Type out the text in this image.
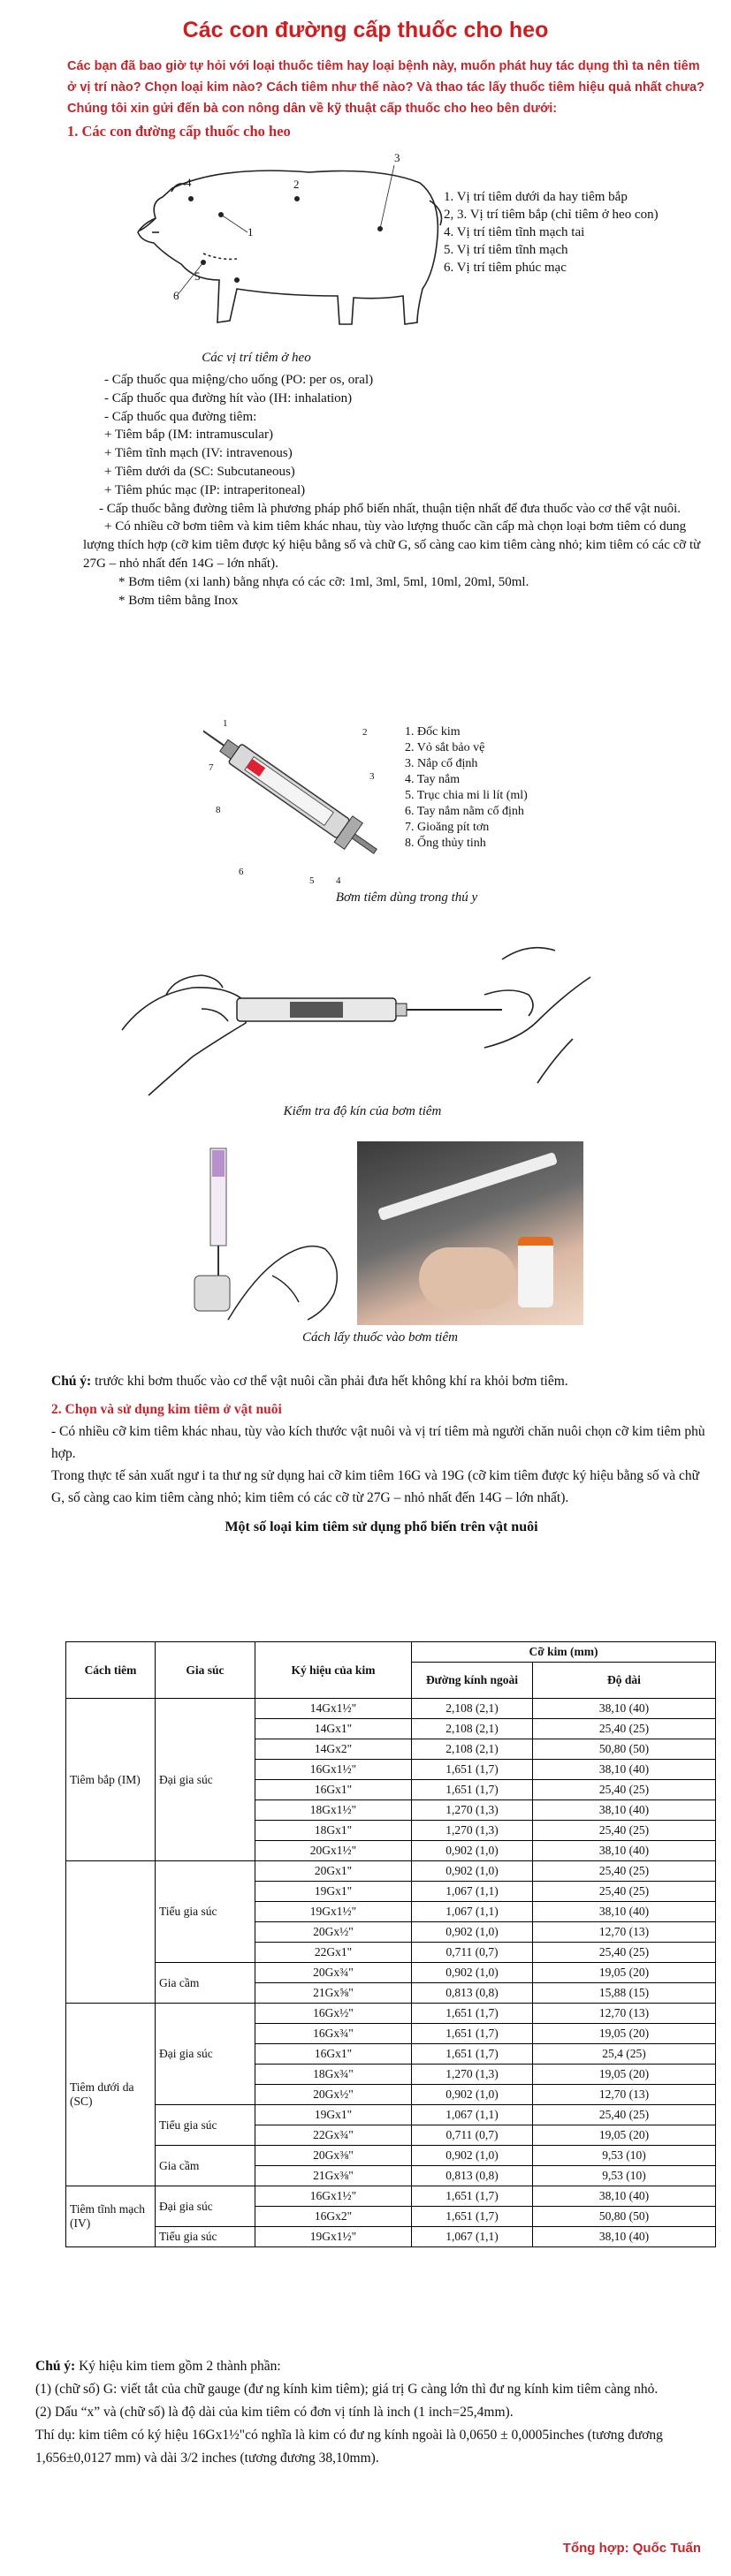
Các con đường cấp thuốc cho heo
Các bạn đã bao giờ tự hỏi với loại thuốc tiêm hay loại bệnh này, muốn phát huy tác dụng thì ta nên tiêm ở vị trí nào? Chọn loại kim nào? Cách tiêm như thế nào? Và thao tác lấy thuốc tiêm hiệu quả nhất chưa? Chúng tôi xin gửi đến bà con nông dân về kỹ thuật cấp thuốc cho heo bên dưới:
1. Các con đường cấp thuốc cho heo
1
2
3
4
5
6
1. Vị trí tiêm dưới da hay tiêm bắp
2, 3. Vị trí tiêm bắp (chỉ tiêm ở heo con)
4. Vị trí tiêm tĩnh mạch tai
5. Vị trí tiêm tĩnh mạch
6. Vị trí tiêm phúc mạc
Các vị trí tiêm ở heo

- Cấp thuốc qua miệng/cho uống (PO: per os, oral)

- Cấp thuốc qua đường hít vào (IH: inhalation)

- Cấp thuốc qua đường tiêm:

+ Tiêm bắp (IM: intramuscular)

+ Tiêm tĩnh mạch (IV: intravenous)

+ Tiêm dưới da (SC: Subcutaneous)

+ Tiêm phúc mạc (IP: intraperitoneal)

- Cấp thuốc bằng đường tiêm là phương pháp phổ biến nhất, thuận tiện nhất để đưa thuốc vào cơ thể vật nuôi.

+ Có nhiều cỡ bơm tiêm và kim tiêm khác nhau, tùy vào lượng thuốc cần cấp mà chọn loại bơm tiêm có dung lượng thích hợp (cỡ kim tiêm được ký hiệu bằng số và chữ G, số càng cao kim tiêm càng nhỏ; kim tiêm có các cỡ từ 27G – nhỏ nhất đến 14G – lớn nhất).

* Bơm tiêm (xi lanh) bằng nhựa có các cỡ: 1ml, 3ml, 5ml, 10ml, 20ml, 50ml.

* Bơm tiêm bằng Inox

1
2
3
4
5
6
7
8
1. Đốc kim
2. Vỏ sắt bảo vệ
3. Nắp cố định
4. Tay nắm
5. Trục chia mi li lít (ml)
6. Tay nắm nằm cố định
7. Gioăng pít tơn
8. Ống thủy tinh
Bơm tiêm dùng trong thú y
Kiểm tra độ kín của bơm tiêm
Cách lấy thuốc vào bơm tiêm

Chú ý: trước khi bơm thuốc vào cơ thể vật nuôi cần phải đưa hết không khí ra khỏi bơm tiêm.

2. Chọn và sử dụng kim tiêm ở vật nuôi

- Có nhiều cỡ kim tiêm khác nhau, tùy vào kích thước vật nuôi và vị trí tiêm mà người chăn nuôi chọn cỡ kim tiêm phù hợp.

Trong thực tế sản xuất ngư i ta thư ng sử dụng hai cỡ kim tiêm 16G và 19G (cỡ kim tiêm được ký hiệu bằng số và chữ G, số càng cao kim tiêm càng nhỏ; kim tiêm có các cỡ từ 27G – nhỏ nhất đến 14G – lớn nhất).

Một số loại kim tiêm sử dụng phổ biến trên vật nuôi

Cách tiêm	Gia súc	Ký hiệu của kim	Cỡ kim (mm)	
			Đường kính ngoài	Độ dài
Tiêm bắp (IM)	Đại gia súc	14Gx1½"	2,108 (2,1)	38,10 (40)
		14Gx1"	2,108 (2,1)	25,40 (25)
		14Gx2"	2,108 (2,1)	50,80 (50)
		16Gx1½"	1,651 (1,7)	38,10 (40)
		16Gx1"	1,651 (1,7)	25,40 (25)
		18Gx1½"	1,270 (1,3)	38,10 (40)
		18Gx1"	1,270 (1,3)	25,40 (25)
		20Gx1½"	0,902 (1,0)	38,10 (40)
	Tiểu gia súc	20Gx1"	0,902 (1,0)	25,40 (25)
		19Gx1"	1,067 (1,1)	25,40 (25)
		19Gx1½"	1,067 (1,1)	38,10 (40)
		20Gx½"	0,902 (1,0)	12,70 (13)
		22Gx1"	0,711 (0,7)	25,40 (25)
	Gia cầm	20Gx¾"	0,902 (1,0)	19,05 (20)
		21Gx⅝"	0,813 (0,8)	15,88 (15)
Tiêm dưới da (SC)	Đại gia súc	16Gx½"	1,651 (1,7)	12,70 (13)
		16Gx¾"	1,651 (1,7)	19,05 (20)
		16Gx1"	1,651 (1,7)	25,4 (25)
		18Gx¾"	1,270 (1,3)	19,05 (20)
		20Gx½"	0,902 (1,0)	12,70 (13)
	Tiểu gia súc	19Gx1"	1,067 (1,1)	25,40 (25)
		22Gx¾"	0,711 (0,7)	19,05 (20)
	Gia cầm	20Gx⅜"	0,902 (1,0)	9,53 (10)
		21Gx⅜"	0,813 (0,8)	9,53 (10)
Tiêm tĩnh mạch (IV)	Đại gia súc	16Gx1½"	1,651 (1,7)	38,10 (40)
		16Gx2"	1,651 (1,7)	50,80 (50)
	Tiểu gia súc	19Gx1½"	1,067 (1,1)	38,10 (40)

Chú ý: Ký hiệu kim tiem gồm 2 thành phần:

(1) (chữ số) G: viết tắt của chữ gauge (đư ng kính kim tiêm); giá trị G càng lớn thì đư ng kính kim tiêm càng nhỏ.

(2) Dấu “x” và (chữ số) là độ dài của kim tiêm có đơn vị tính là inch (1 inch=25,4mm).

Thí dụ: kim tiêm có ký hiệu 16Gx1½"có nghĩa là kim có đư ng kính ngoài là 0,0650 ± 0,0005inches (tương đương 1,656±0,0127 mm) và dài 3/2 inches (tương đương 38,10mm).

Tổng hợp: Quốc Tuấn
